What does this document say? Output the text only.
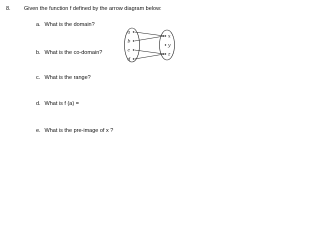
8. Given the function f defined by the arrow diagram below:
a. What is the domain?
b. What is the co-domain?
c. What is the range?
d. What is f (a) =
e. What is the pre-image of x ?
a
b
c
d
x
y
z
